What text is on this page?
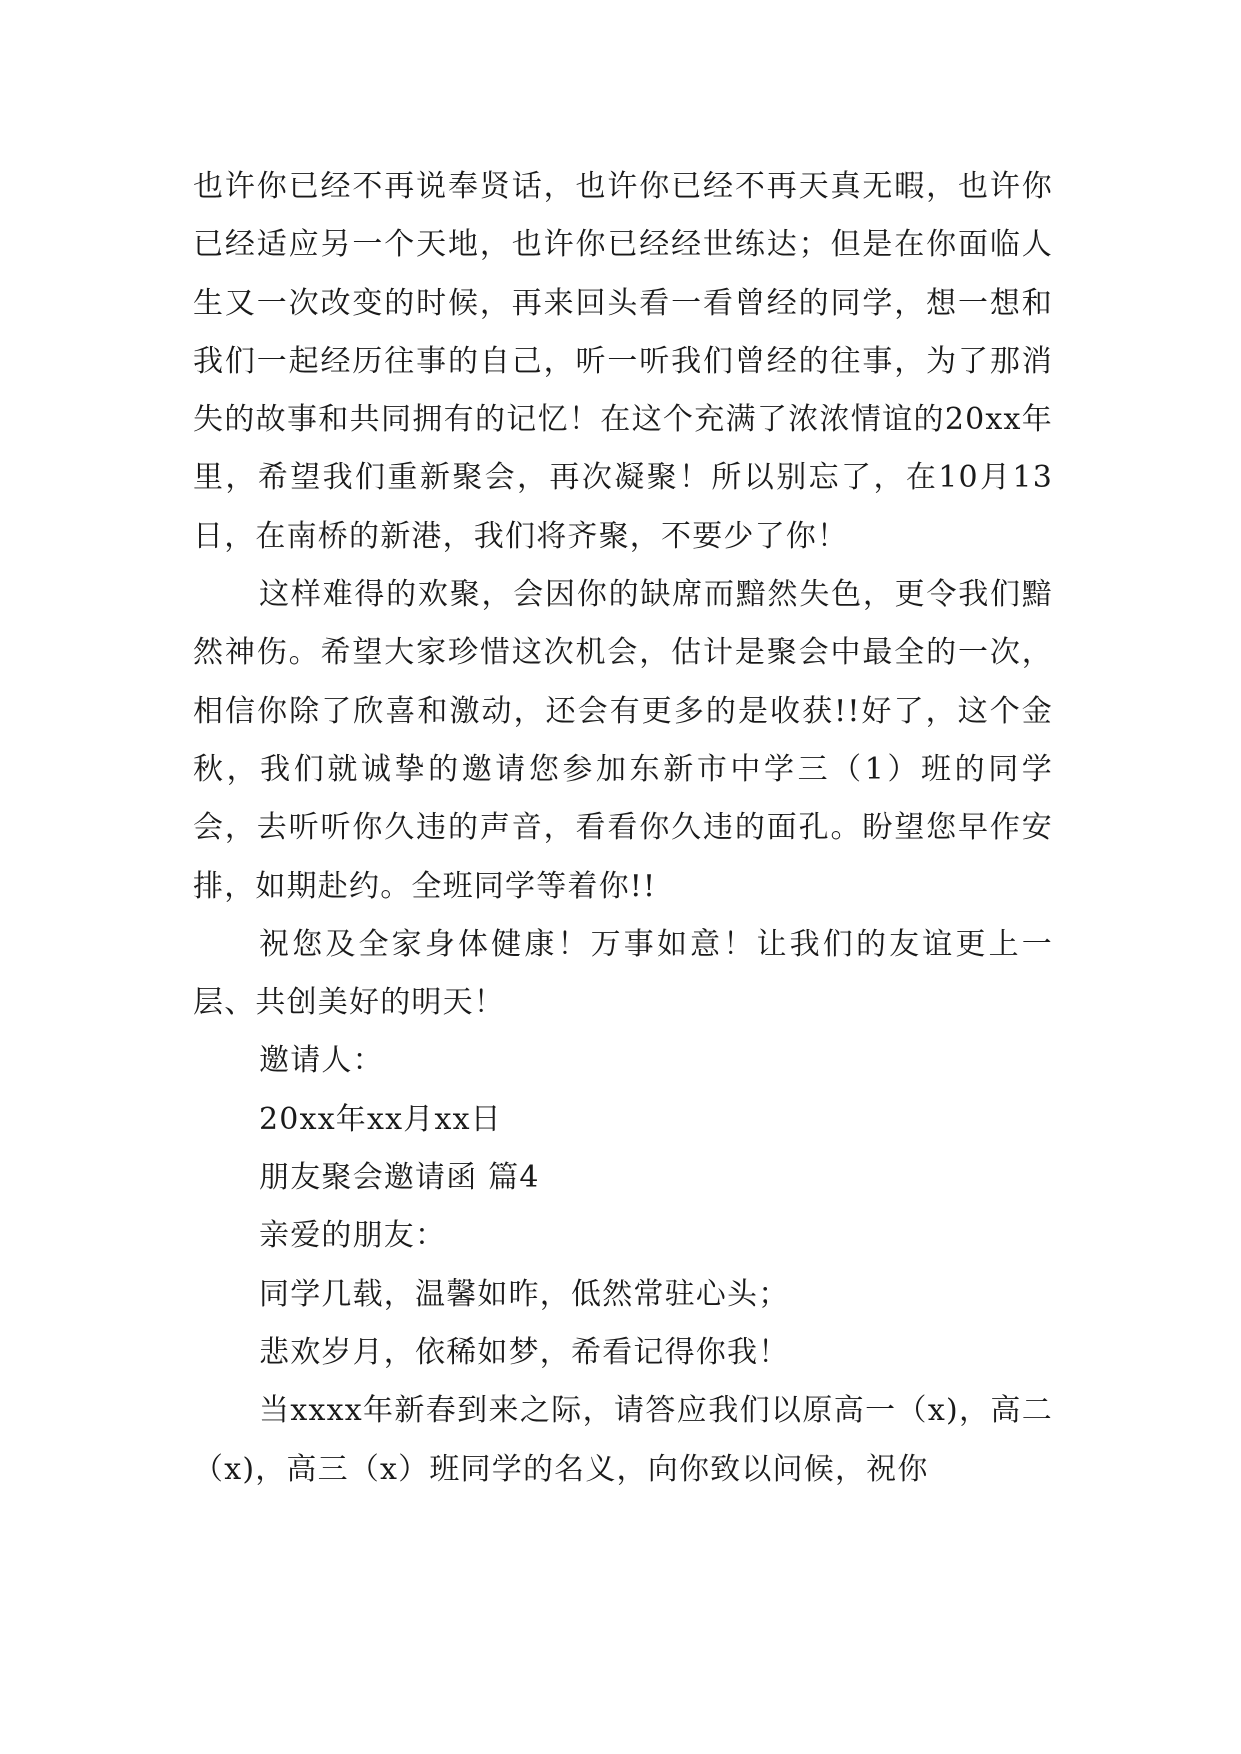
也许你已经不再说奉贤话，也许你已经不再天真无暇，也许你已经适应另一个天地，也许你已经经世练达；但是在你面临人生又一次改变的时候，再来回头看一看曾经的同学，想一想和我们一起经历往事的自己，听一听我们曾经的往事，为了那消失的故事和共同拥有的记忆！在这个充满了浓浓情谊的20xx年里，希望我们重新聚会，再次凝聚！所以别忘了，在10月13日，在南桥的新港，我们将齐聚，不要少了你！

这样难得的欢聚，会因你的缺席而黯然失色，更令我们黯然神伤。希望大家珍惜这次机会，估计是聚会中最全的一次，相信你除了欣喜和激动，还会有更多的是收获!!好了，这个金秋，我们就诚挚的邀请您参加东新市中学三（1）班的同学会，去听听你久违的声音，看看你久违的面孔。盼望您早作安排，如期赴约。全班同学等着你!!

祝您及全家身体健康！万事如意！让我们的友谊更上一层、共创美好的明天！

邀请人：

20xx年xx月xx日

朋友聚会邀请函 篇4

亲爱的朋友：

同学几载，温馨如昨，低然常驻心头；

悲欢岁月，依稀如梦，希看记得你我！

当xxxx年新春到来之际，请答应我们以原高一（x)，高二（x)，高三（x）班同学的名义，向你致以问候，祝你
